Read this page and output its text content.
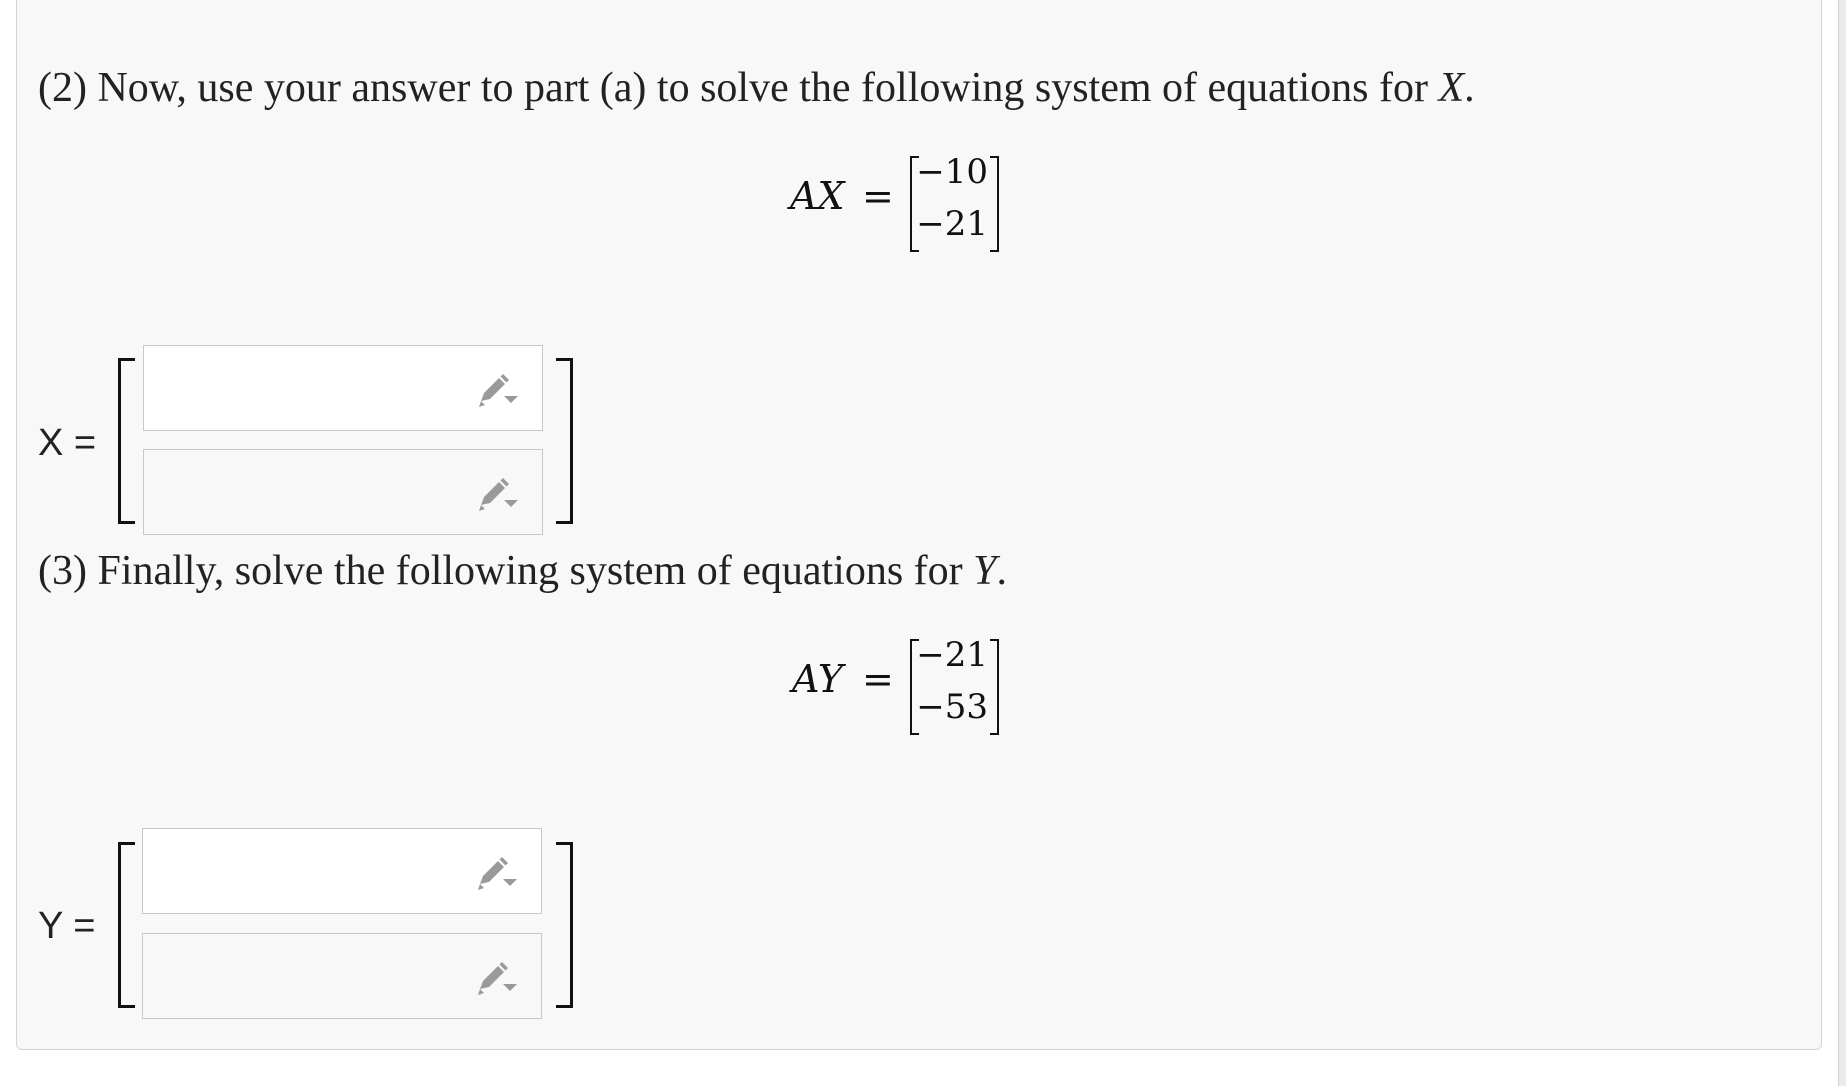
(2) Now, use your answer to part (a) to solve the following system of equations for X.
AX =
−10
−21
X =
(3) Finally, solve the following system of equations for Y.
AY =
−21
−53
Y =
